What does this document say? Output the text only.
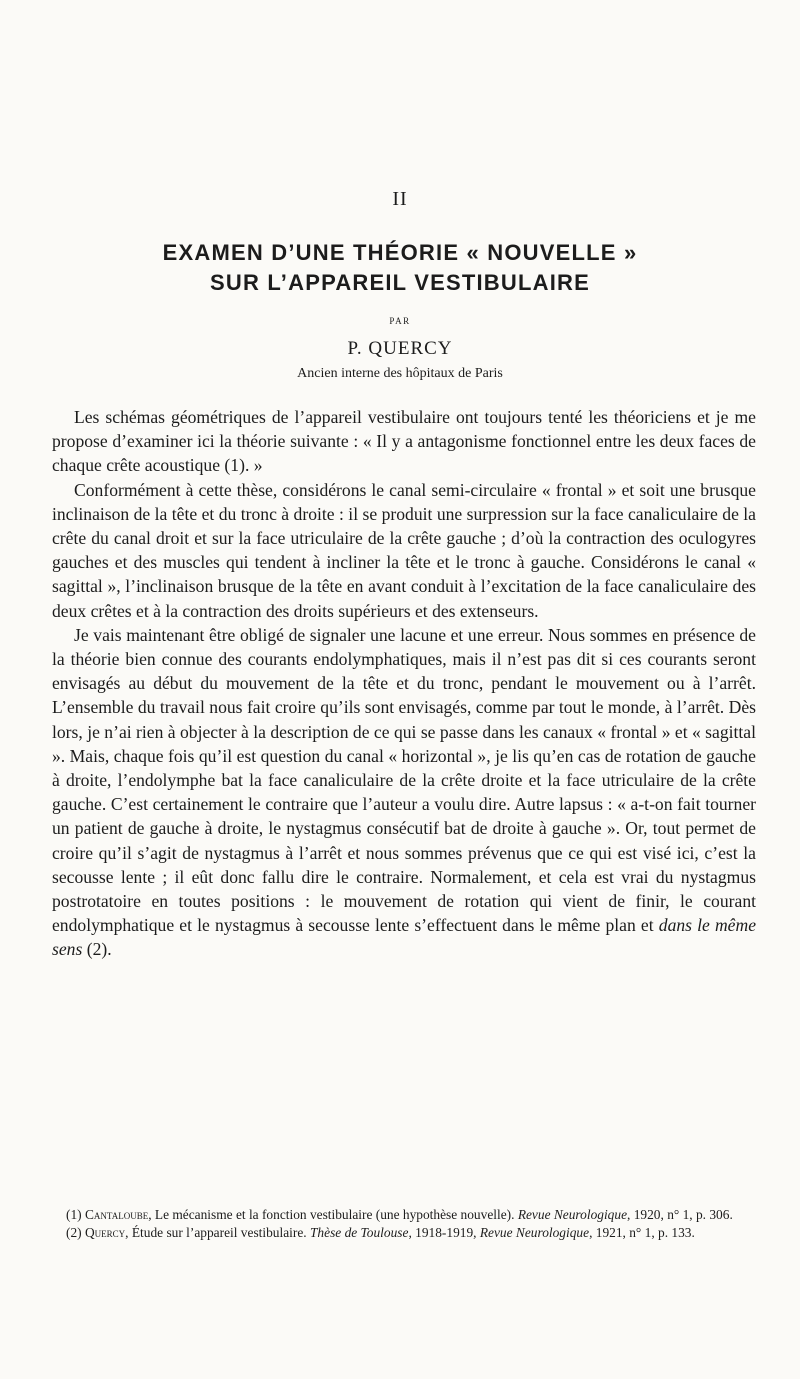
II
EXAMEN D’UNE THÉORIE « NOUVELLE »
SUR L’APPAREIL VESTIBULAIRE
PAR
P. QUERCY
Ancien interne des hôpitaux de Paris

Les schémas géométriques de l’appareil vestibulaire ont toujours tenté les théoriciens et je me propose d’examiner ici la théorie suivante : « Il y a antagonisme fonctionnel entre les deux faces de chaque crête acoustique (1). »

Conformément à cette thèse, considérons le canal semi-circulaire « frontal » et soit une brusque inclinaison de la tête et du tronc à droite : il se produit une surpression sur la face canaliculaire de la crête du canal droit et sur la face utriculaire de la crête gauche ; d’où la contraction des oculogyres gauches et des muscles qui tendent à incliner la tête et le tronc à gauche. Considérons le canal « sagittal », l’inclinaison brusque de la tête en avant conduit à l’excitation de la face canaliculaire des deux crêtes et à la contraction des droits supérieurs et des extenseurs.

Je vais maintenant être obligé de signaler une lacune et une erreur. Nous sommes en présence de la théorie bien connue des courants endolymphatiques, mais il n’est pas dit si ces courants seront envisagés au début du mouvement de la tête et du tronc, pendant le mouvement ou à l’arrêt. L’ensemble du travail nous fait croire qu’ils sont envisagés, comme par tout le monde, à l’arrêt. Dès lors, je n’ai rien à objecter à la description de ce qui se passe dans les canaux « frontal » et « sagittal ». Mais, chaque fois qu’il est question du canal « horizontal », je lis qu’en cas de rotation de gauche à droite, l’endolymphe bat la face canaliculaire de la crête droite et la face utriculaire de la crête gauche. C’est certainement le contraire que l’auteur a voulu dire. Autre lapsus : « a-t-on fait tourner un patient de gauche à droite, le nystagmus consécutif bat de droite à gauche ». Or, tout permet de croire qu’il s’agit de nystagmus à l’arrêt et nous sommes prévenus que ce qui est visé ici, c’est la secousse lente ; il eût donc fallu dire le contraire. Normalement, et cela est vrai du nystagmus postrotatoire en toutes positions : le mouvement de rotation qui vient de finir, le courant endolymphatique et le nystagmus à secousse lente s’effectuent dans le même plan et dans le même sens (2).

(1) Cantaloube, Le mécanisme et la fonction vestibulaire (une hypothèse nouvelle). Revue Neurologique, 1920, n° 1, p. 306.

(2) Quercy, Étude sur l’appareil vestibulaire. Thèse de Toulouse, 1918-1919, Revue Neurologique, 1921, n° 1, p. 133.
